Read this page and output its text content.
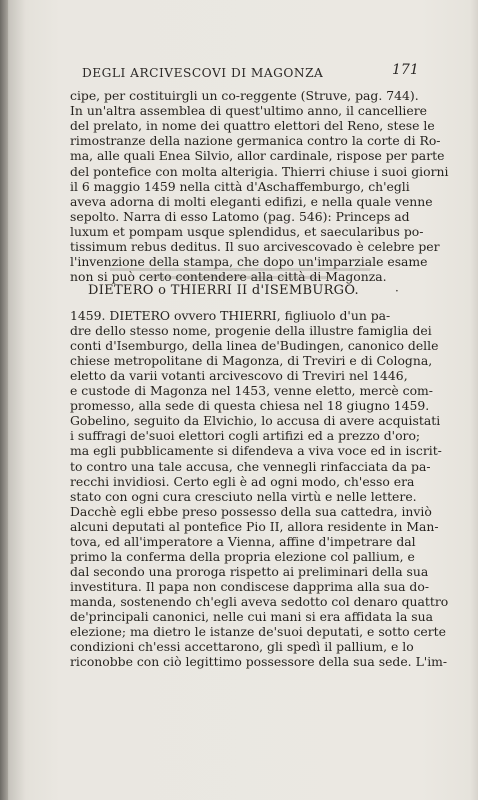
DEGLI ARCIVESCOVI DI MAGONZA	171
cipe, per costituirgli un co-reggente (Struve, pag. 744).
In un'altra assemblea di quest'ultimo anno, il cancelliere
del prelato, in nome dei quattro elettori del Reno, stese le
rimostranze della nazione germanica contro la corte di Ro-
ma, alle quali Enea Silvio, allor cardinale, rispose per parte
del pontefice con molta alterigia. Thierri chiuse i suoi giorni
il 6 maggio 1459 nella città d'Aschaffemburgo, ch'egli
aveva adorna di molti eleganti edifizi, e nella quale venne
sepolto. Narra di esso Latomo (pag. 546): Princeps ad
luxum et pompam usque splendidus, et saecularibus po-
tissimum rebus deditus. Il suo arcivescovado è celebre per
l'invenzione della stampa, che dopo un'imparziale esame
non si può certo contendere alla città di Magonza.
DIETERO o THIERRI II d'ISEMBURGO.	·
1459. DIETERO ovvero THIERRI, figliuolo d'un pa-
dre dello stesso nome, progenie della illustre famiglia dei
conti d'Isemburgo, della linea de'Budingen, canonico delle
chiese metropolitane di Magonza, di Treviri e di Cologna,
eletto da varii votanti arcivescovo di Treviri nel 1446,
e custode di Magonza nel 1453, venne eletto, mercè com-
promesso, alla sede di questa chiesa nel 18 giugno 1459.
Gobelino, seguito da Elvichio, lo accusa di avere acquistati
i suffragi de'suoi elettori cogli artifizi ed a prezzo d'oro;
ma egli pubblicamente si difendeva a viva voce ed in iscrit-
to contro una tale accusa, che vennegli rinfacciata da pa-
recchi invidiosi. Certo egli è ad ogni modo, ch'esso era
stato con ogni cura cresciuto nella virtù e nelle lettere.
Dacchè egli ebbe preso possesso della sua cattedra, inviò
alcuni deputati al pontefice Pio II, allora residente in Man-
tova, ed all'imperatore a Vienna, affine d'impetrare dal
primo la conferma della propria elezione col pallium, e
dal secondo una proroga rispetto ai preliminari della sua
investitura. Il papa non condiscese dapprima alla sua do-
manda, sostenendo ch'egli aveva sedotto col denaro quattro
de'principali canonici, nelle cui mani si era affidata la sua
elezione; ma dietro le istanze de'suoi deputati, e sotto certe
condizioni ch'essi accettarono, gli spedì il pallium, e lo
riconobbe con ciò legittimo possessore della sua sede. L'im-
